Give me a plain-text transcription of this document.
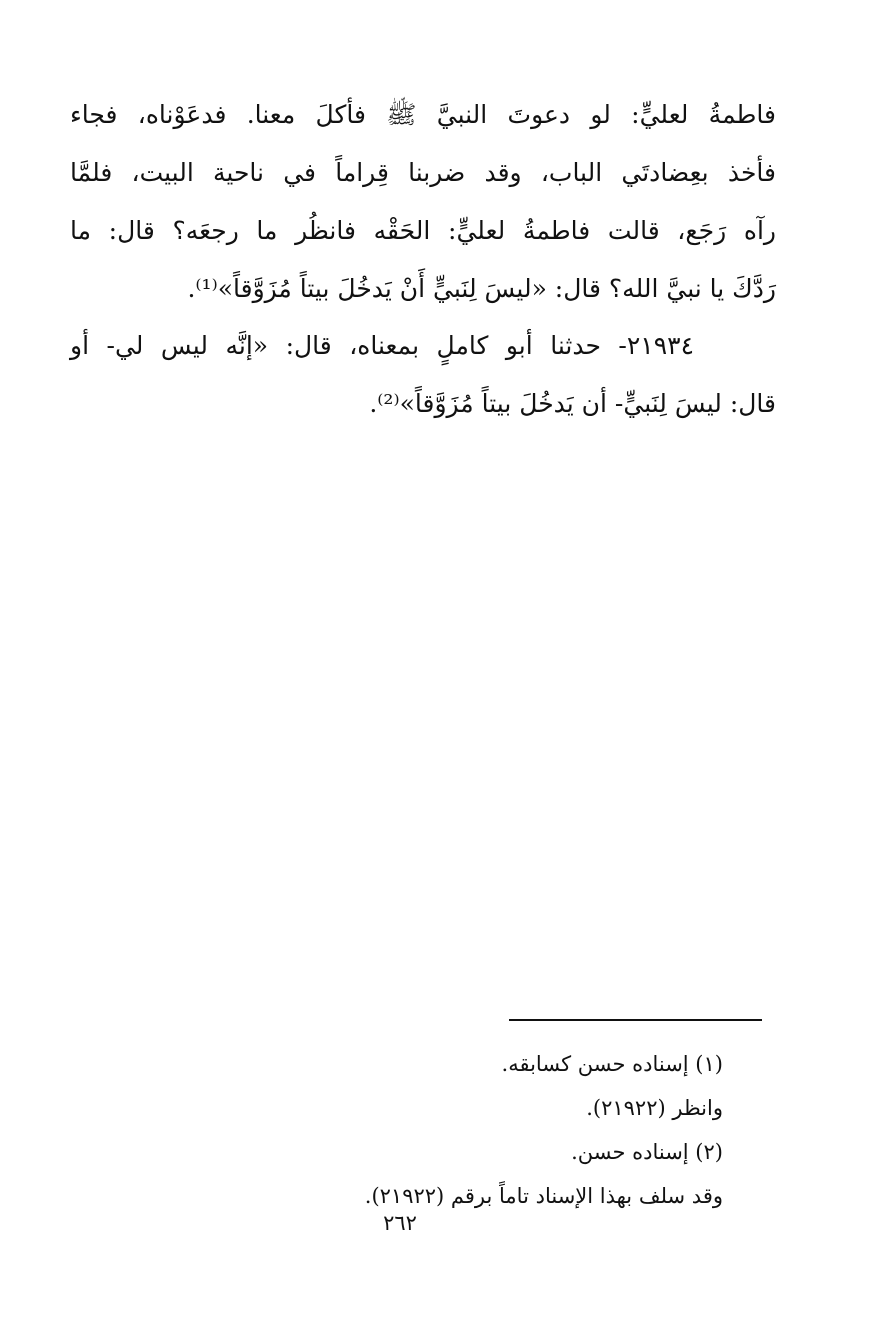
فاطمةُ لعليٍّ: لو دعوتَ النبيَّ ﷺ فأكلَ معنا. فدعَوْناه، فجاء
فأخذ بعِضادتَي الباب، وقد ضربنا قِراماً في ناحية البيت، فلمَّا
رآه رَجَع، قالت فاطمةُ لعليٍّ: الحَقْه فانظُر ما رجعَه؟ قال: ما
رَدَّكَ يا نبيَّ الله؟ قال: «ليسَ لِنَبيٍّ أَنْ يَدخُلَ بيتاً مُزَوَّقاً»⁽¹⁾.
٢١٩٣٤- حدثنا أبو كاملٍ بمعناه، قال: «إنَّه ليس لي- أو
قال: ليسَ لِنَبيٍّ- أن يَدخُلَ بيتاً مُزَوَّقاً»⁽²⁾.
(١) إسناده حسن كسابقه.
وانظر (٢١٩٢٢).
(٢) إسناده حسن.
وقد سلف بهذا الإسناد تاماً برقم (٢١٩٢٢).
٢٦٢
